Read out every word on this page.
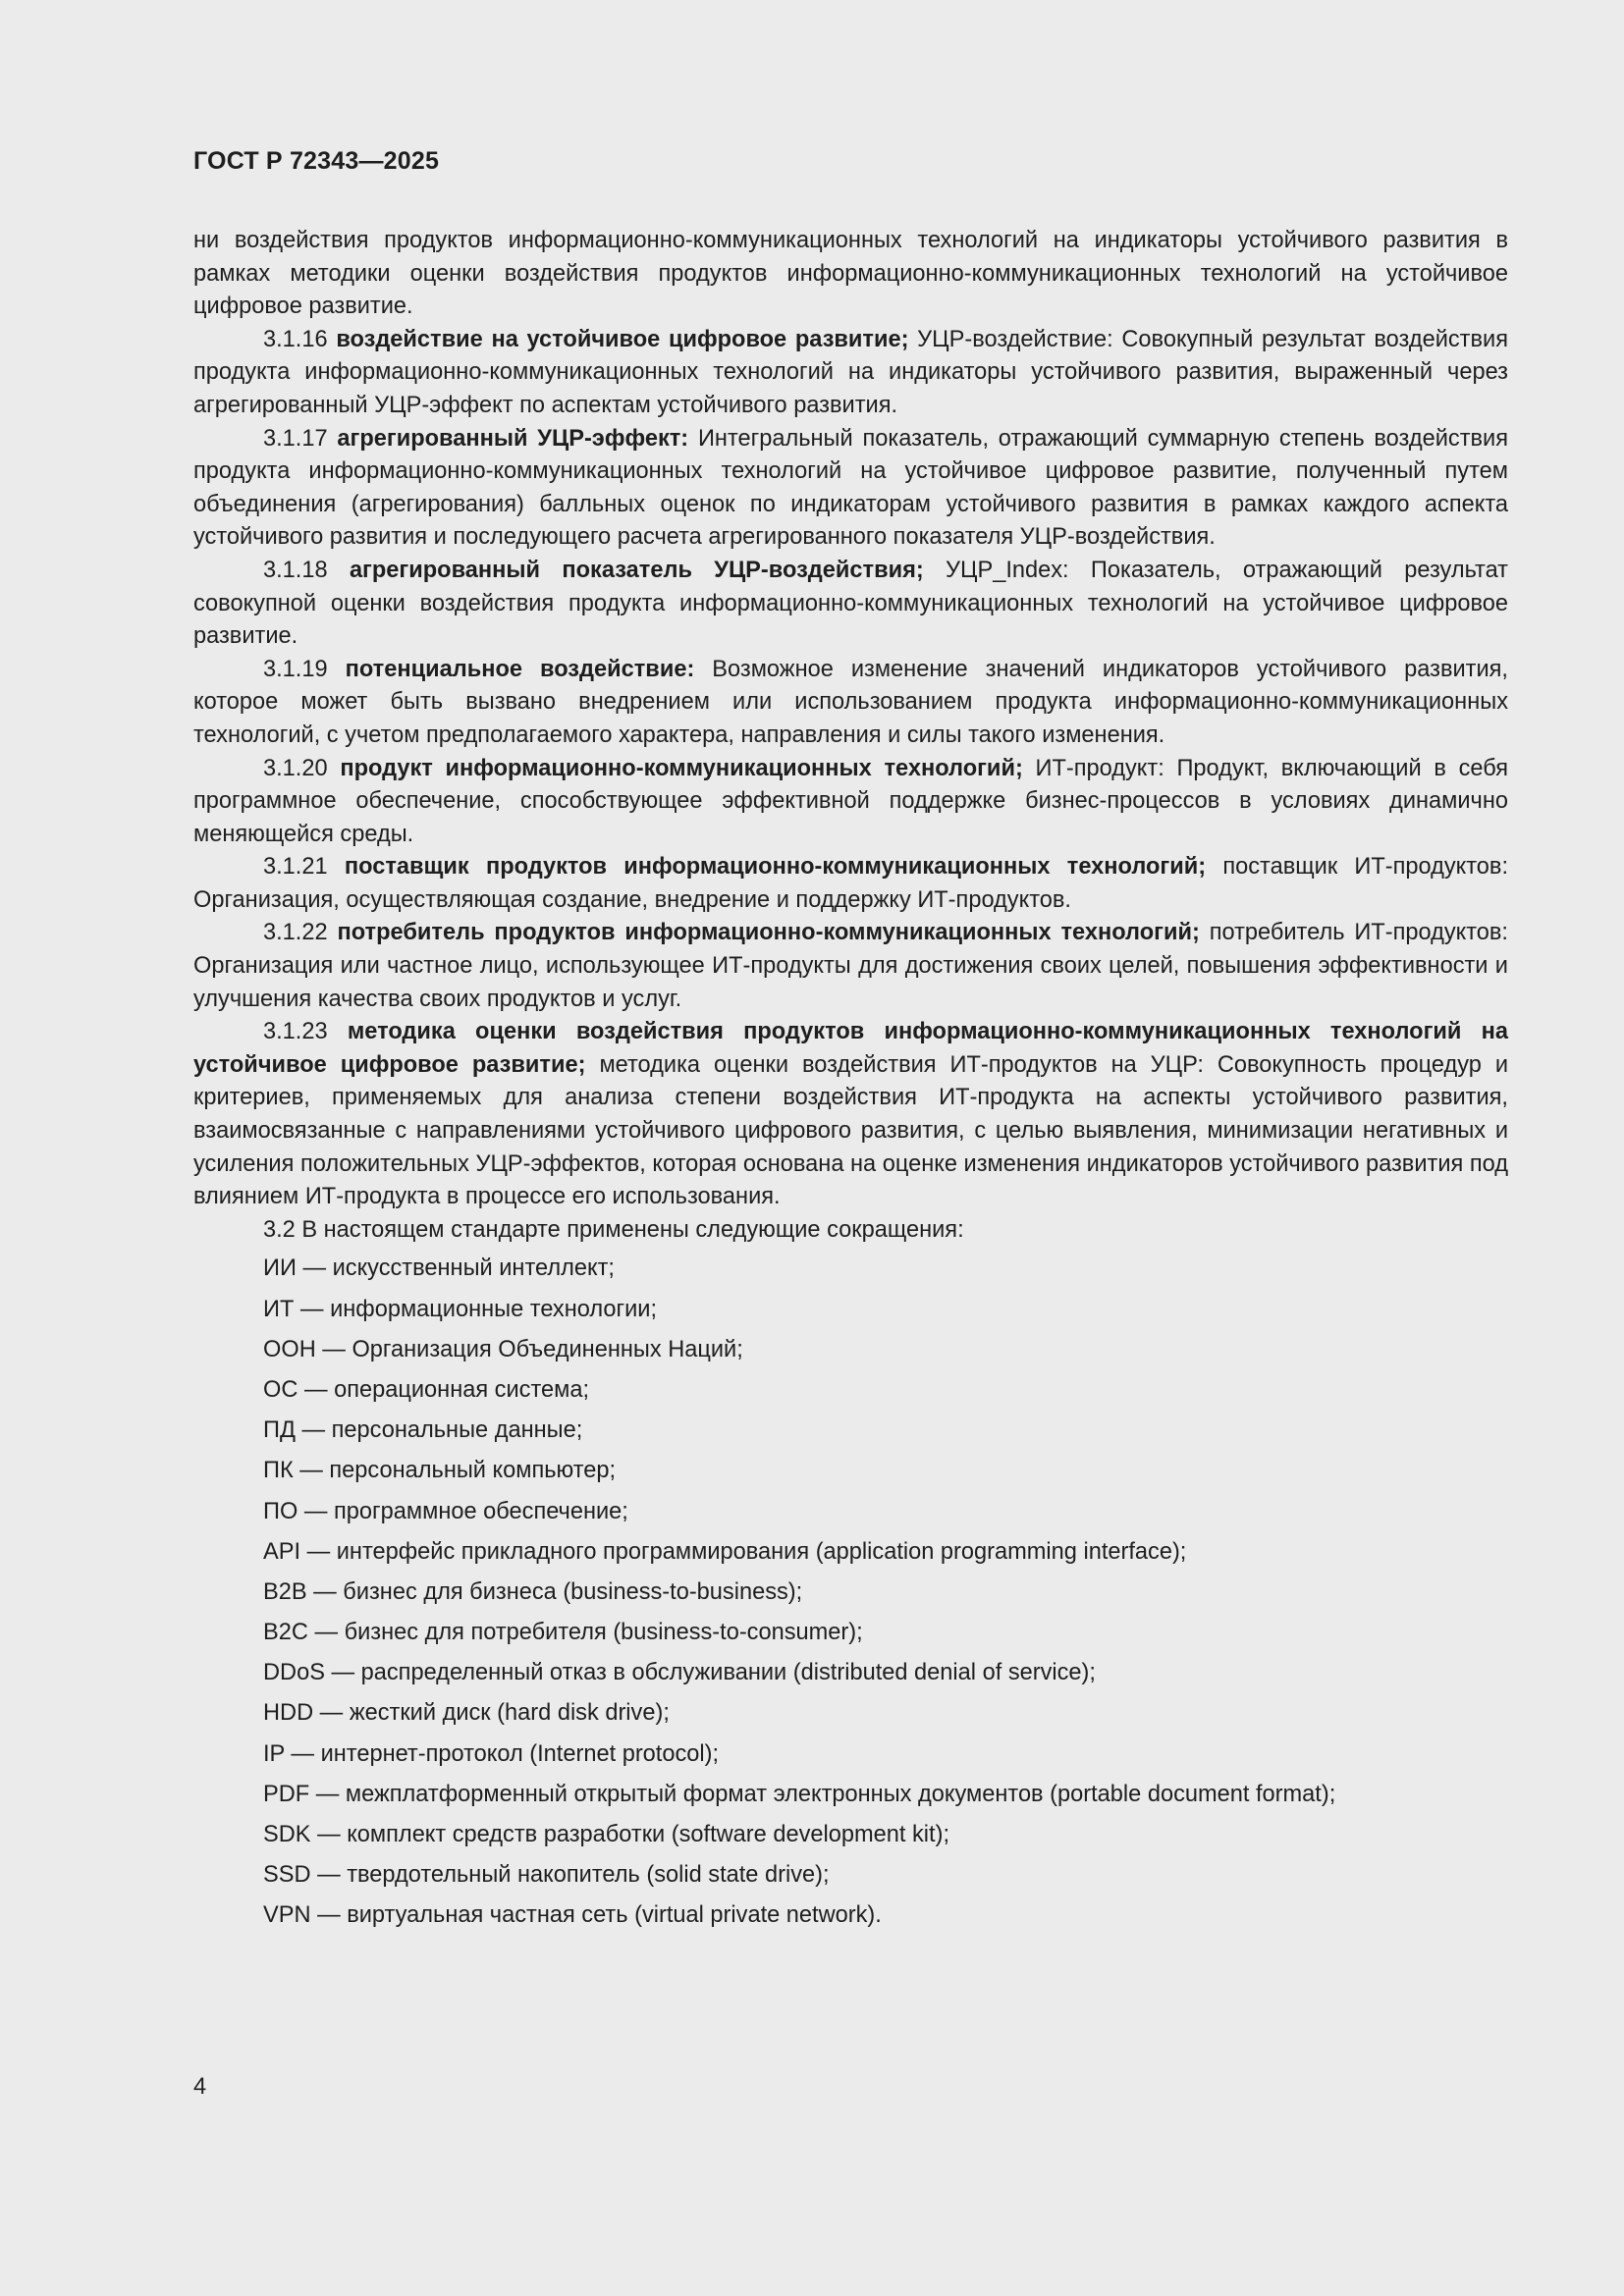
ГОСТ Р 72343—2025

ни воздействия продуктов информационно-коммуникационных технологий на индикаторы устойчивого развития в рамках методики оценки воздействия продуктов информационно-коммуникационных технологий на устойчивое цифровое развитие.

3.1.16 воздействие на устойчивое цифровое развитие; УЦР-воздействие: Совокупный результат воздействия продукта информационно-коммуникационных технологий на индикаторы устойчивого развития, выраженный через агрегированный УЦР-эффект по аспектам устойчивого развития.

3.1.17 агрегированный УЦР-эффект: Интегральный показатель, отражающий суммарную степень воздействия продукта информационно-коммуникационных технологий на устойчивое цифровое развитие, полученный путем объединения (агрегирования) балльных оценок по индикаторам устойчивого развития в рамках каждого аспекта устойчивого развития и последующего расчета агрегированного показателя УЦР-воздействия.

3.1.18 агрегированный показатель УЦР-воздействия; УЦР_Index: Показатель, отражающий результат совокупной оценки воздействия продукта информационно-коммуникационных технологий на устойчивое цифровое развитие.

3.1.19 потенциальное воздействие: Возможное изменение значений индикаторов устойчивого развития, которое может быть вызвано внедрением или использованием продукта информационно-коммуникационных технологий, с учетом предполагаемого характера, направления и силы такого изменения.

3.1.20 продукт информационно-коммуникационных технологий; ИТ-продукт: Продукт, включающий в себя программное обеспечение, способствующее эффективной поддержке бизнес-процессов в условиях динамично меняющейся среды.

3.1.21 поставщик продуктов информационно-коммуникационных технологий; поставщик ИТ-продуктов: Организация, осуществляющая создание, внедрение и поддержку ИТ-продуктов.

3.1.22 потребитель продуктов информационно-коммуникационных технологий; потребитель ИТ-продуктов: Организация или частное лицо, использующее ИТ-продукты для достижения своих целей, повышения эффективности и улучшения качества своих продуктов и услуг.

3.1.23 методика оценки воздействия продуктов информационно-коммуникационных технологий на устойчивое цифровое развитие; методика оценки воздействия ИТ-продуктов на УЦР: Совокупность процедур и критериев, применяемых для анализа степени воздействия ИТ-продукта на аспекты устойчивого развития, взаимосвязанные с направлениями устойчивого цифрового развития, с целью выявления, минимизации негативных и усиления положительных УЦР-эффектов, которая основана на оценке изменения индикаторов устойчивого развития под влиянием ИТ-продукта в процессе его использования.

3.2 В настоящем стандарте применены следующие сокращения:

ИИ — искусственный интеллект;
ИТ — информационные технологии;
ООН — Организация Объединенных Наций;
ОС — операционная система;
ПД — персональные данные;
ПК — персональный компьютер;
ПО — программное обеспечение;
API — интерфейс прикладного программирования (application programming interface);
B2B — бизнес для бизнеса (business-to-business);
B2C — бизнес для потребителя (business-to-consumer);
DDoS — распределенный отказ в обслуживании (distributed denial of service);
HDD — жесткий диск (hard disk drive);
IP — интернет-протокол (Internet protocol);
PDF — межплатформенный открытый формат электронных документов (portable document format);
SDK — комплект средств разработки (software development kit);
SSD — твердотельный накопитель (solid state drive);
VPN — виртуальная частная сеть (virtual private network).
4
